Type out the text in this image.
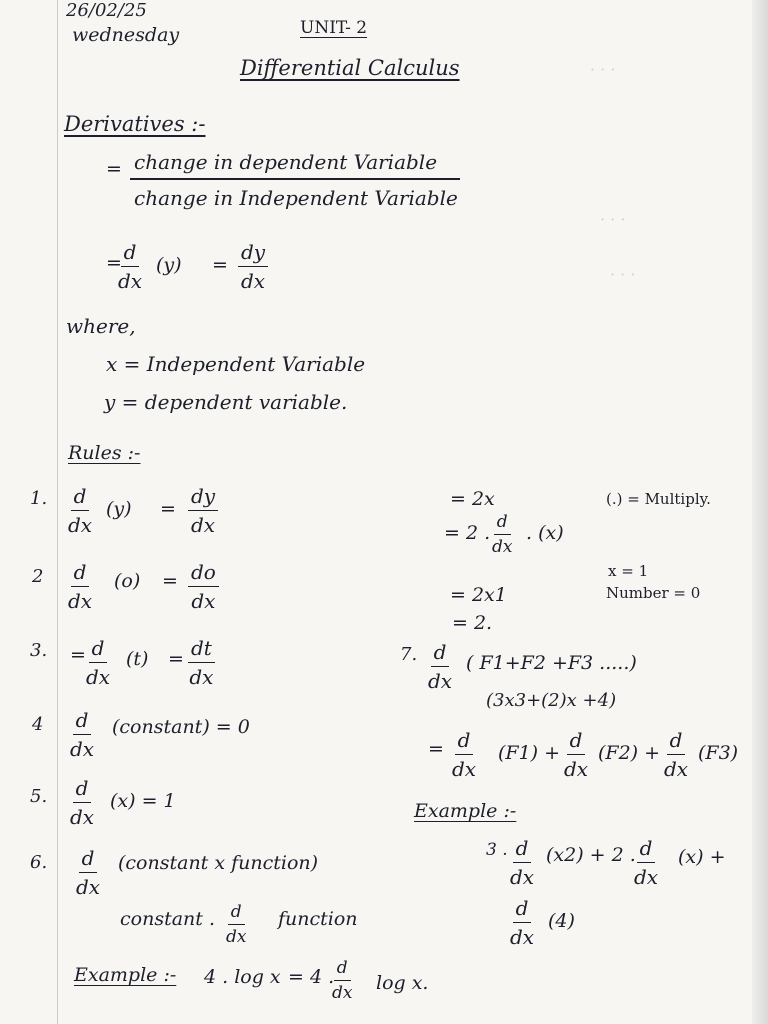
· · ·
· · ·
· · ·
26/02/25
wednesday	UNIT- 2
Differential Calculus
Derivatives :-
= change in dependent Variable
change in Independent Variable
=
$\frac{d}{dx} (y) = \frac{dy}{dx}$
where,
x = Independent Variable
y = dependent variable.
Rules :-
1. $\frac{d}{dx} (y) = \frac{dy}{dx}$
$2 \frac{d}{dx} (o) = \frac{do}{dx}$
3. = $\frac{d}{dx} (t) = \frac{dt}{dx}$
$4 \frac{d}{dx}$ (constant) = 0
5. $\frac{d}{dx} (x) = 1$
6. $\frac{d}{dx}$ (constant x function)
constant . $\frac{d}{dx}$ function
Example :- 4 . log x = 4 .
$\frac{d}{dx}$ log x.
= 2x	(.) = Multiply.
= 2 . $\frac{d}{dx}$ . (x)
x = 1
Number = 0
= 2x1
= 2.
7. $\frac{d}{dx}$ ( F1+F2 +F3 .....)
(3x3+(2)x +4)
= $\frac{d}{dx} (F1) + \frac{d}{dx} (F2) + \frac{d}{dx} (F3)$
Example :-
3 . $\frac{d}{dx} (x2) + 2$ .
$\frac{d}{dx} (x)$ +
$\frac{d}{dx} (4)$
